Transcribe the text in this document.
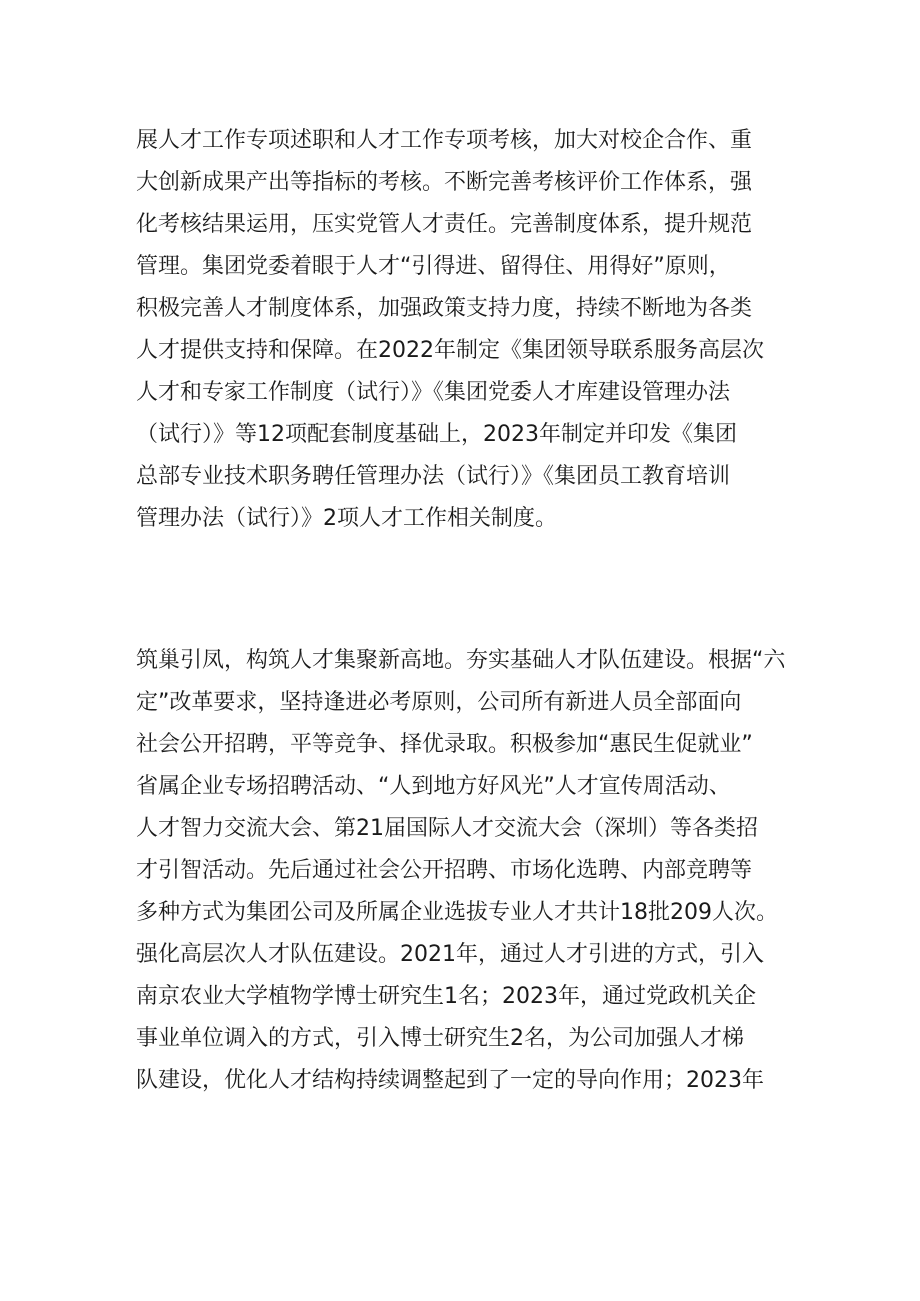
展人才工作专项述职和人才工作专项考核，加大对校企合作、重
大创新成果产出等指标的考核。不断完善考核评价工作体系，强
化考核结果运用，压实党管人才责任。完善制度体系，提升规范
管理。集团党委着眼于人才“引得进、留得住、用得好”原则，
积极完善人才制度体系，加强政策支持力度，持续不断地为各类
人才提供支持和保障。在2022年制定《集团领导联系服务高层次
人才和专家工作制度（试行）》《集团党委人才库建设管理办法
（试行）》等12项配套制度基础上，2023年制定并印发《集团
总部专业技术职务聘任管理办法（试行）》《集团员工教育培训
管理办法（试行）》2项人才工作相关制度。

筑巢引凤，构筑人才集聚新高地。夯实基础人才队伍建设。根据“六
定”改革要求，坚持逢进必考原则，公司所有新进人员全部面向
社会公开招聘，平等竞争、择优录取。积极参加“惠民生促就业”
省属企业专场招聘活动、“人到地方好风光”人才宣传周活动、
人才智力交流大会、第21届国际人才交流大会（深圳）等各类招
才引智活动。先后通过社会公开招聘、市场化选聘、内部竞聘等
多种方式为集团公司及所属企业选拔专业人才共计18批209人次。
强化高层次人才队伍建设。2021年，通过人才引进的方式，引入
南京农业大学植物学博士研究生1名；2023年，通过党政机关企
事业单位调入的方式，引入博士研究生2名，为公司加强人才梯
队建设，优化人才结构持续调整起到了一定的导向作用；2023年
